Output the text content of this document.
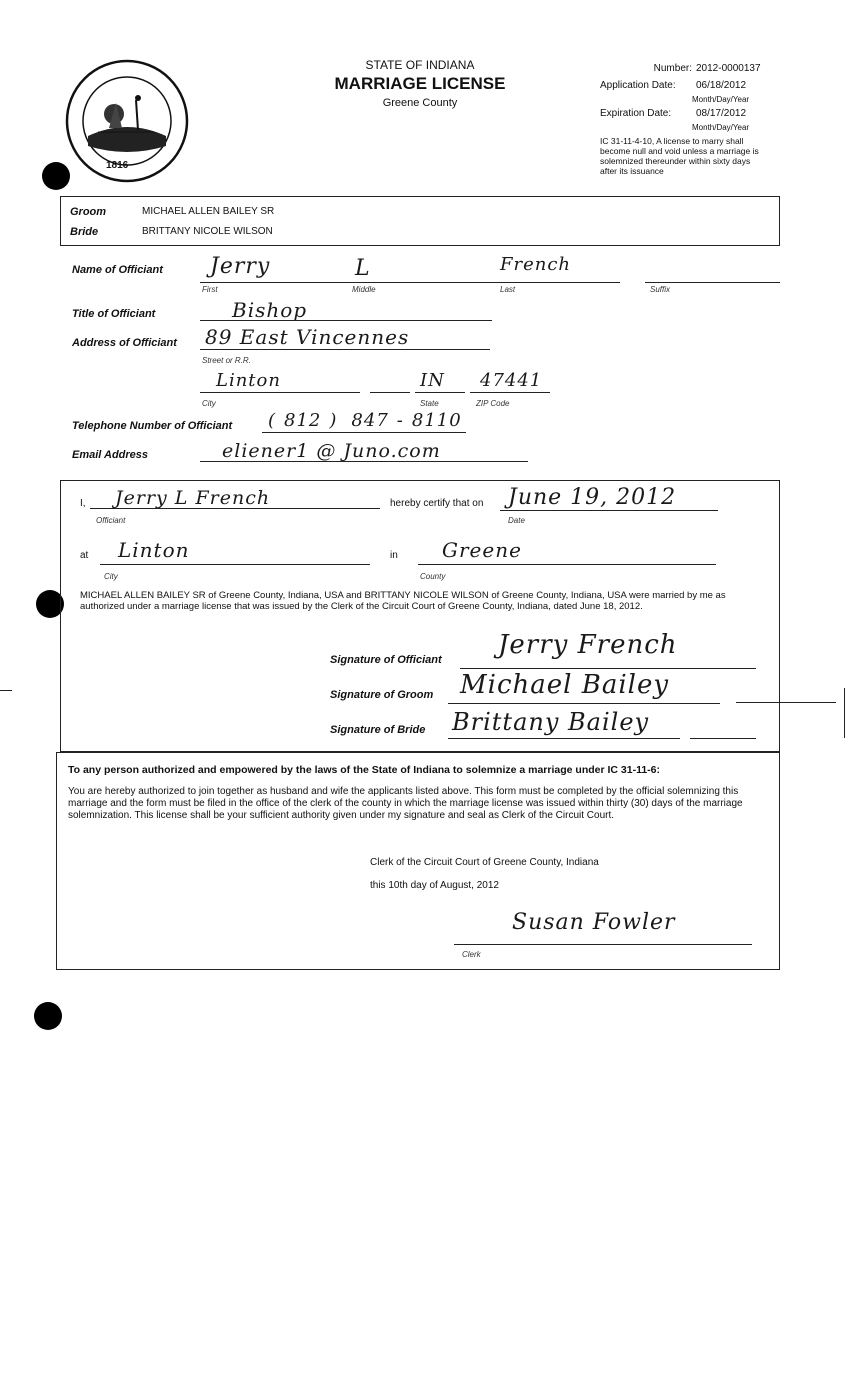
1816
STATE OF INDIANA
MARRIAGE LICENSE
Greene County
Number: 2012-0000137
Application Date:	06/18/2012
Month/Day/Year
Expiration Date:	08/17/2012
Month/Day/Year
IC 31-11-4-10, A license to marry shall become null and void unless a marriage is solemnized thereunder within sixty days after its issuance
Groom	MICHAEL ALLEN BAILEY SR
Bride	BRITTANY NICOLE WILSON
Name of Officiant Jerry	L	French
First	Middle	Last	Suffix
Title of Officiant	Bishop
Address of Officiant 89 East Vincennes
Street or R.R.
Linton	IN 47441
City	State	ZIP Code
Telephone Number of Officiant ( 812 ) 847 - 8110
Email Address	eliener1 @ Juno.com
I, Jerry L French
Officiant
hereby certify that on June 19, 2012
Date
at Linton
City
in Greene
County
MICHAEL ALLEN BAILEY SR of Greene County, Indiana, USA and BRITTANY NICOLE WILSON of Greene County, Indiana, USA were married by me as authorized under a marriage license that was issued by the Clerk of the Circuit Court of Greene County, Indiana, dated June 18, 2012.
Signature of Officiant Jerry French
Signature of Groom Michael Bailey
Signature of Bride Brittany Bailey
To any person authorized and empowered by the laws of the State of Indiana to solemnize a marriage under IC 31-11-6:
You are hereby authorized to join together as husband and wife the applicants listed above. This form must be completed by the official solemnizing this marriage and the form must be filed in the office of the clerk of the county in which the marriage license was issued within thirty (30) days of the marriage solemnization. This license shall be your sufficient authority given under my signature and seal as Clerk of the Circuit Court.
Clerk of the Circuit Court of Greene County, Indiana
this 10th day of August, 2012
Susan Fowler
Clerk
